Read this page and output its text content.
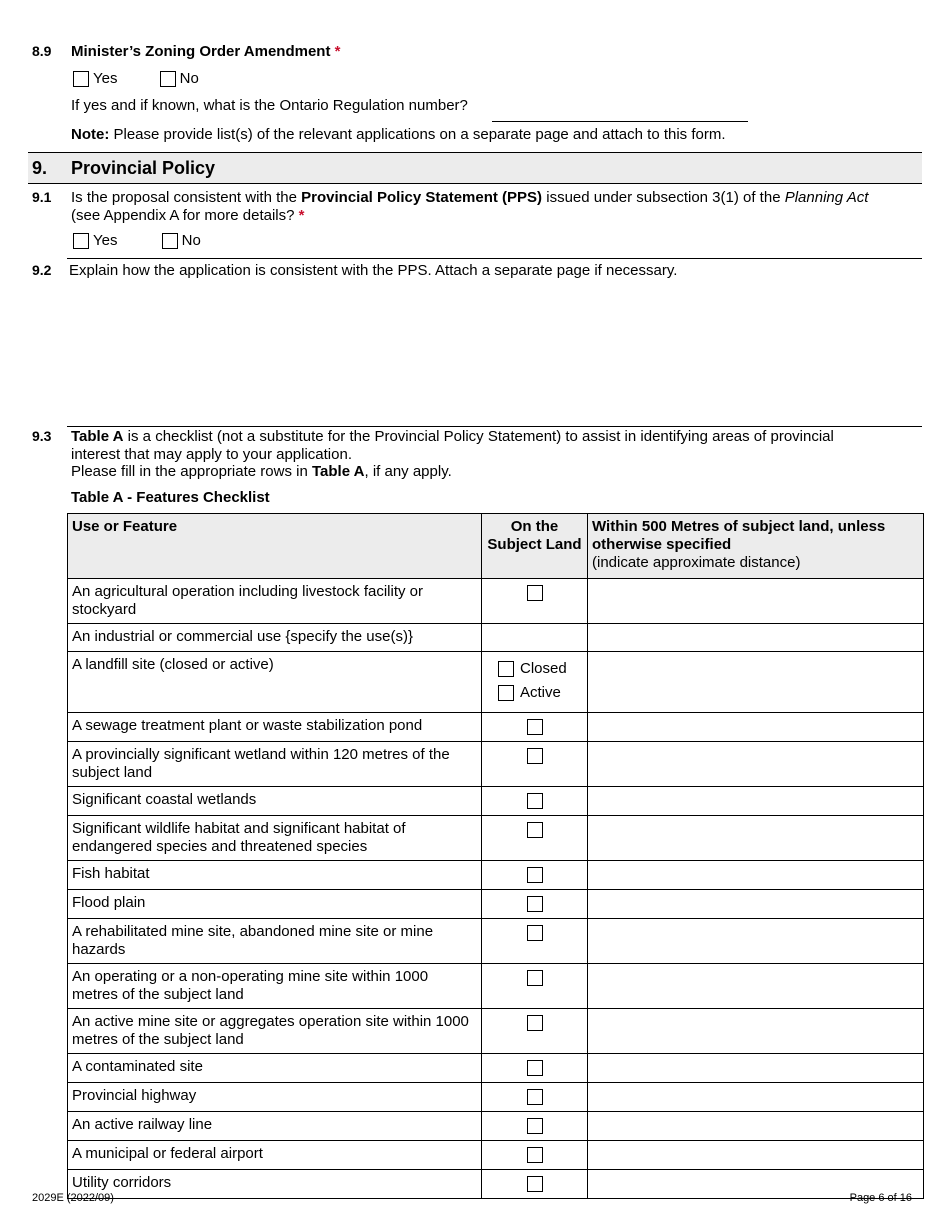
8.9 Minister’s Zoning Order Amendment *
Yes
	No
If yes and if known, what is the Ontario Regulation number?
Note: Please provide list(s) of the relevant applications on a separate page and attach to this form.
9. Provincial Policy
9.1 Is the proposal consistent with the Provincial Policy Statement (PPS) issued under subsection 3(1) of the Planning Act
(see Appendix A for more details? *
Yes
	No
9.2 Explain how the application is consistent with the PPS. Attach a separate page if necessary.
9.3 Table A is a checklist (not a substitute for the Provincial Policy Statement) to assist in identifying areas of provincial
interest that may apply to your application.
Please fill in the appropriate rows in Table A, if any apply.
Table A - Features Checklist
Use or Feature	On the Subject Land	Within 500 Metres of subject land, unless otherwise specified
(indicate approximate distance)
An agricultural operation including livestock facility or stockyard		
An industrial or commercial use {specify the use(s)}		
A landfill site (closed or active)	Closed
Active	

A sewage treatment plant or waste stabilization pond		
A provincially significant wetland within 120 metres of the subject land		
Significant coastal wetlands		
Significant wildlife habitat and significant habitat of endangered species and threatened species		
Fish habitat		
Flood plain		
A rehabilitated mine site, abandoned mine site or mine hazards		
An operating or a non-operating mine site within 1000 metres of the subject land		
An active mine site or aggregates operation site within 1000 metres of the subject land		
A contaminated site		
Provincial highway		
An active railway line		
A municipal or federal airport		
Utility corridors		
2029E (2022/09)	Page 6 of 16
